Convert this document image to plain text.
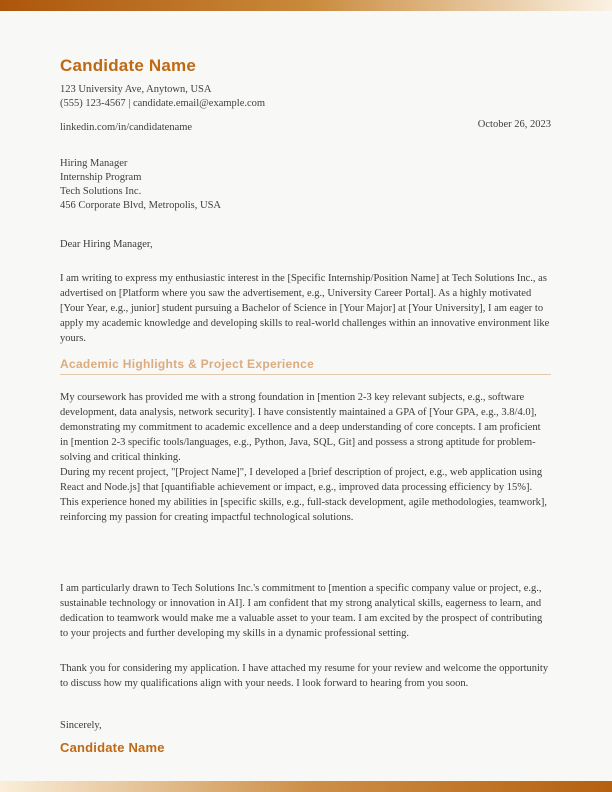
Candidate Name
123 University Ave, Anytown, USA
(555) 123-4567 | candidate.email@example.com
linkedin.com/in/candidatename	October 26, 2023
Hiring Manager
Internship Program
Tech Solutions Inc.
456 Corporate Blvd, Metropolis, USA
Dear Hiring Manager,
I am writing to express my enthusiastic interest in the [Specific Internship/Position Name] at Tech Solutions Inc., as advertised on [Platform where you saw the advertisement, e.g., University Career Portal]. As a highly motivated [Your Year, e.g., junior] student pursuing a Bachelor of Science in [Your Major] at [Your University], I am eager to apply my academic knowledge and developing skills to real-world challenges within an innovative environment like yours.
Academic Highlights & Project Experience
My coursework has provided me with a strong foundation in [mention 2-3 key relevant subjects, e.g., software development, data analysis, network security]. I have consistently maintained a GPA of [Your GPA, e.g., 3.8/4.0], demonstrating my commitment to academic excellence and a deep understanding of core concepts. I am proficient in [mention 2-3 specific tools/languages, e.g., Python, Java, SQL, Git] and possess a strong aptitude for problem-solving and critical thinking.
During my recent project, "[Project Name]", I developed a [brief description of project, e.g., web application using React and Node.js] that [quantifiable achievement or impact, e.g., improved data processing efficiency by 15%]. This experience honed my abilities in [specific skills, e.g., full-stack development, agile methodologies, teamwork], reinforcing my passion for creating impactful technological solutions.
I am particularly drawn to Tech Solutions Inc.'s commitment to [mention a specific company value or project, e.g., sustainable technology or innovation in AI]. I am confident that my strong analytical skills, eagerness to learn, and dedication to teamwork would make me a valuable asset to your team. I am excited by the prospect of contributing to your projects and further developing my skills in a dynamic professional setting.
Thank you for considering my application. I have attached my resume for your review and welcome the opportunity to discuss how my qualifications align with your needs. I look forward to hearing from you soon.
Sincerely,
Candidate Name
